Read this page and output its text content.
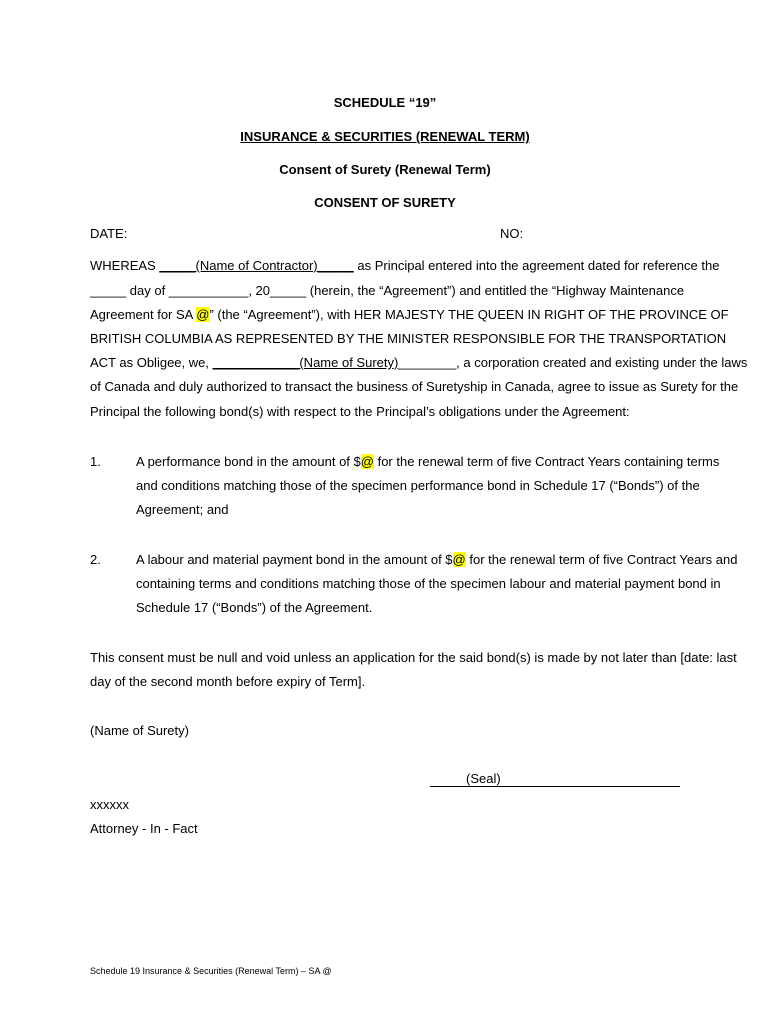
SCHEDULE “19”
INSURANCE & SECURITIES (RENEWAL TERM)
Consent of Surety (Renewal Term)
CONSENT OF SURETY
DATE:	NO:
WHEREAS _____(Name of Contractor)_____ as Principal entered into the agreement dated for reference the
_____ day of ___________, 20_____ (herein, the “Agreement”) and entitled the “Highway Maintenance
Agreement for SA @” (the “Agreement”), with HER MAJESTY THE QUEEN IN RIGHT OF THE PROVINCE OF
BRITISH COLUMBIA AS REPRESENTED BY THE MINISTER RESPONSIBLE FOR THE TRANSPORTATION
ACT as Obligee, we, ____________(Name of Surety)________, a corporation created and existing under the laws
of Canada and duly authorized to transact the business of Suretyship in Canada, agree to issue as Surety for the
Principal the following bond(s) with respect to the Principal’s obligations under the Agreement:
1.	A performance bond in the amount of $@ for the renewal term of five Contract Years containing terms
and conditions matching those of the specimen performance bond in Schedule 17 (“Bonds”) of the
Agreement; and
2.	A labour and material payment bond in the amount of $@ for the renewal term of five Contract Years and
containing terms and conditions matching those of the specimen labour and material payment bond in
Schedule 17 (“Bonds”) of the Agreement.
This consent must be null and void unless an application for the said bond(s) is made by not later than [date: last
day of the second month before expiry of Term].
(Name of Surety)
(Seal)
xxxxxx
Attorney - In - Fact
Schedule 19 Insurance & Securities (Renewal Term) – SA @
